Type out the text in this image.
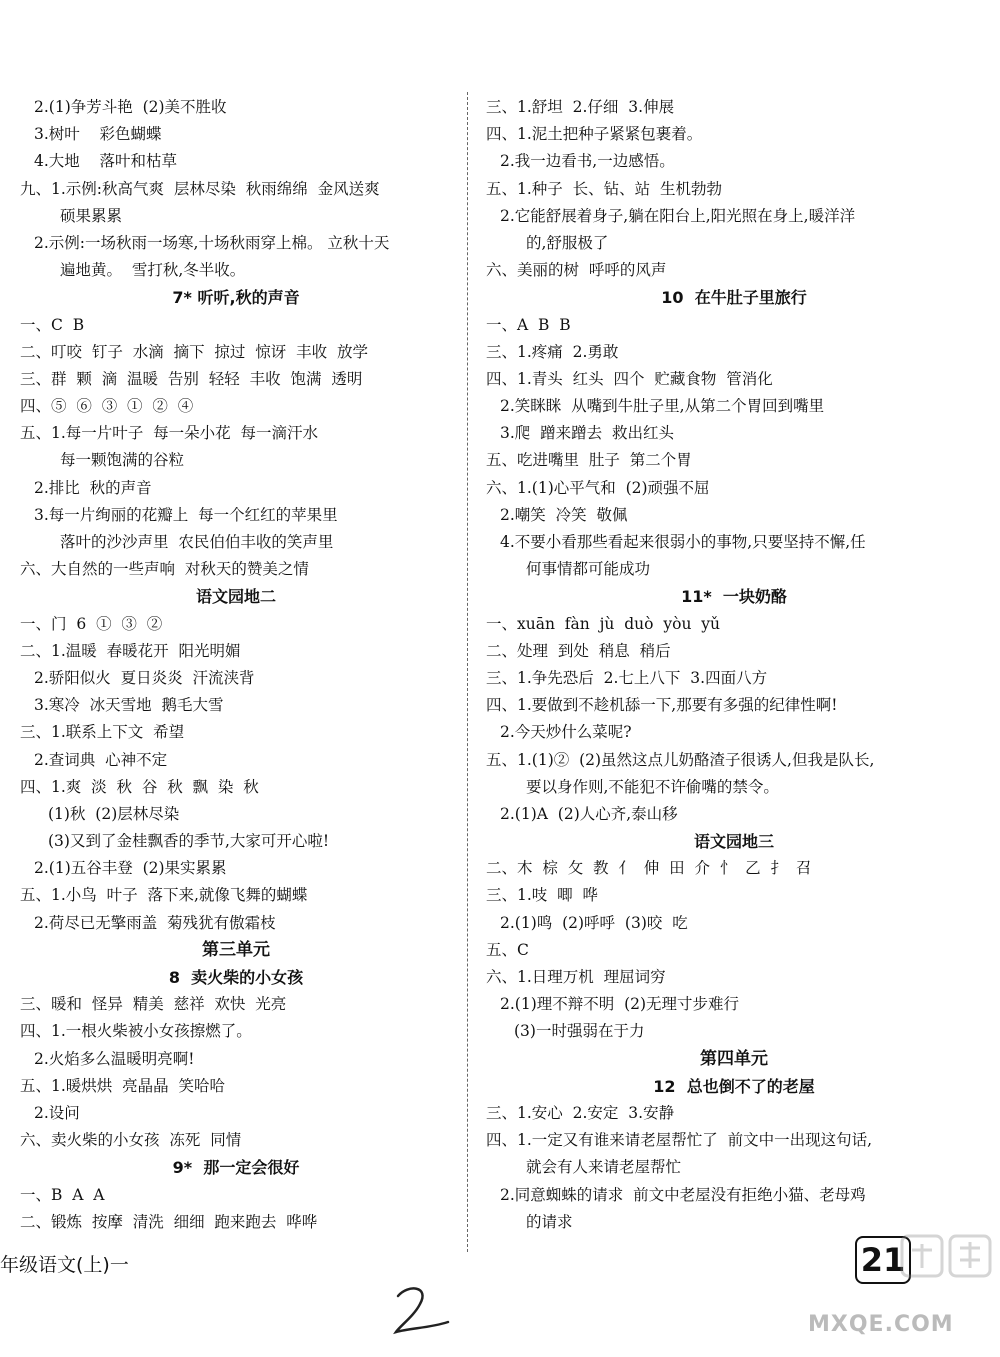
2.(1)争芳斗艳  (2)美不胜收
3.树叶    彩色蝴蝶
4.大地    落叶和枯草
九、1.示例:秋高气爽  层林尽染  秋雨绵绵  金风送爽
硕果累累
2.示例:一场秋雨一场寒,十场秋雨穿上棉。 立秋十天
遍地黄。  雪打秋,冬半收。
7* 听听,秋的声音
一、C  B
二、叮咬  钉子  水滴  摘下  掠过  惊讶  丰收  放学
三、群  颗  滴  温暖  告别  轻轻  丰收  饱满  透明
四、⑤  ⑥  ③  ①  ②  ④
五、1.每一片叶子  每一朵小花  每一滴汗水
每一颗饱满的谷粒
2.排比  秋的声音
3.每一片绚丽的花瓣上  每一个红红的苹果里
落叶的沙沙声里  农民伯伯丰收的笑声里
六、大自然的一些声响  对秋天的赞美之情
语文园地二
一、门  6  ①  ③  ②
二、1.温暖  春暖花开  阳光明媚
2.骄阳似火  夏日炎炎  汗流浃背
3.寒冷  冰天雪地  鹅毛大雪
三、1.联系上下文  希望
2.查词典  心神不定
四、1.爽  淡  秋  谷  秋  飘  染  秋
(1)秋  (2)层林尽染
(3)又到了金桂飘香的季节,大家可开心啦!
2.(1)五谷丰登  (2)果实累累
五、1.小鸟  叶子  落下来,就像飞舞的蝴蝶
2.荷尽已无擎雨盖  菊残犹有傲霜枝
第三单元
8  卖火柴的小女孩
三、暖和  怪异  精美  慈祥  欢快  光亮
四、1.一根火柴被小女孩擦燃了。
2.火焰多么温暖明亮啊!
五、1.暖烘烘  亮晶晶  笑哈哈
2.设问
六、卖火柴的小女孩  冻死  同情
9*  那一定会很好
一、B  A  A
二、锻炼  按摩  清洗  细细  跑来跑去  哗哗
三、1.舒坦  2.仔细  3.伸展
四、1.泥土把种子紧紧包裹着。
2.我一边看书,一边感悟。
五、1.种子  长、钻、站  生机勃勃
2.它能舒展着身子,躺在阳台上,阳光照在身上,暖洋洋
的,舒服极了
六、美丽的树  呼呼的风声
10  在牛肚子里旅行
一、A  B  B
三、1.疼痛  2.勇敢
四、1.青头  红头  四个  贮藏食物  管消化
2.笑眯眯  从嘴到牛肚子里,从第二个胃回到嘴里
3.爬  蹭来蹭去  救出红头
五、吃进嘴里  肚子  第二个胃
六、1.(1)心平气和  (2)顽强不屈
2.嘲笑  冷笑  敬佩
4.不要小看那些看起来很弱小的事物,只要坚持不懈,任
何事情都可能成功
11*  一块奶酪
一、xuān  fàn  jù  duò  yòu  yǔ
二、处理  到处  稍息  稍后
三、1.争先恐后  2.七上八下  3.四面八方
四、1.要做到不趁机舔一下,那要有多强的纪律性啊!
2.今天炒什么菜呢?
五、1.(1)②  (2)虽然这点儿奶酪渣子很诱人,但我是队长,
要以身作则,不能犯不许偷嘴的禁令。
2.(1)A  (2)人心齐,泰山移
语文园地三
二、木  棕  攵  教  亻  伸  田  介  忄  乙  扌  召
三、1.吱  唧  哗
2.(1)鸣  (2)呼呼  (3)咬  吃
五、C
六、1.日理万机  理屈词穷
2.(1)理不辩不明  (2)无理寸步难行
(3)一时强弱在于力
第四单元
12  总也倒不了的老屋
三、1.安心  2.安定  3.安静
四、1.一定又有谁来请老屋帮忙了  前文中一出现这句话,
就会有人来请老屋帮忙
2.同意蜘蛛的请求  前文中老屋没有拒绝小猫、老母鸡
的请求
年级语文(上)一	21
MXQE.COM
